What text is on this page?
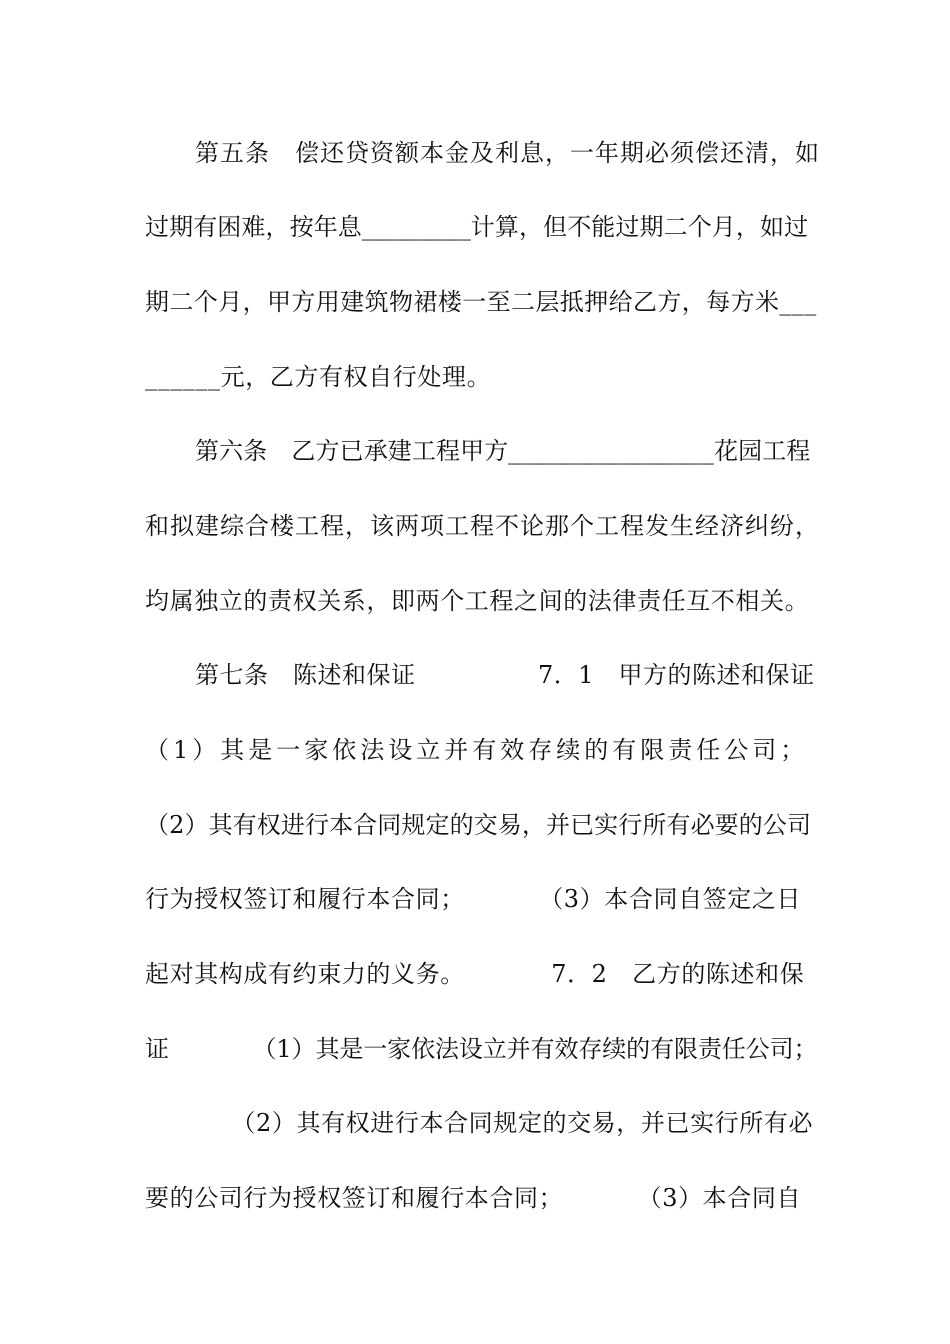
第五条　偿还贷资额本金及利息，一年期必须偿还清，如

过期有困难，按年息_________计算，但不能过期二个月，如过

期二个月，甲方用建筑物裙楼一至二层抵押给乙方，每方米___

______元，乙方有权自行处理。

第六条　乙方已承建工程甲方_________________花园工程

和拟建综合楼工程，该两项工程不论那个工程发生经济纠纷，

均属独立的责权关系，即两个工程之间的法律责任互不相关。

第七条　陈述和保证　　　　　7．1　甲方的陈述和保证

（1）其是一家依法设立并有效存续的有限责任公司；

（2）其有权进行本合同规定的交易，并已实行所有必要的公司

行为授权签订和履行本合同；　　　　（3）本合同自签定之日

起对其构成有约束力的义务。　　　　7．2　乙方的陈述和保

证　　　　（1）其是一家依法设立并有效存续的有限责任公司；

　　　　（2）其有权进行本合同规定的交易，并已实行所有必

要的公司行为授权签订和履行本合同；　　　　（3）本合同自
